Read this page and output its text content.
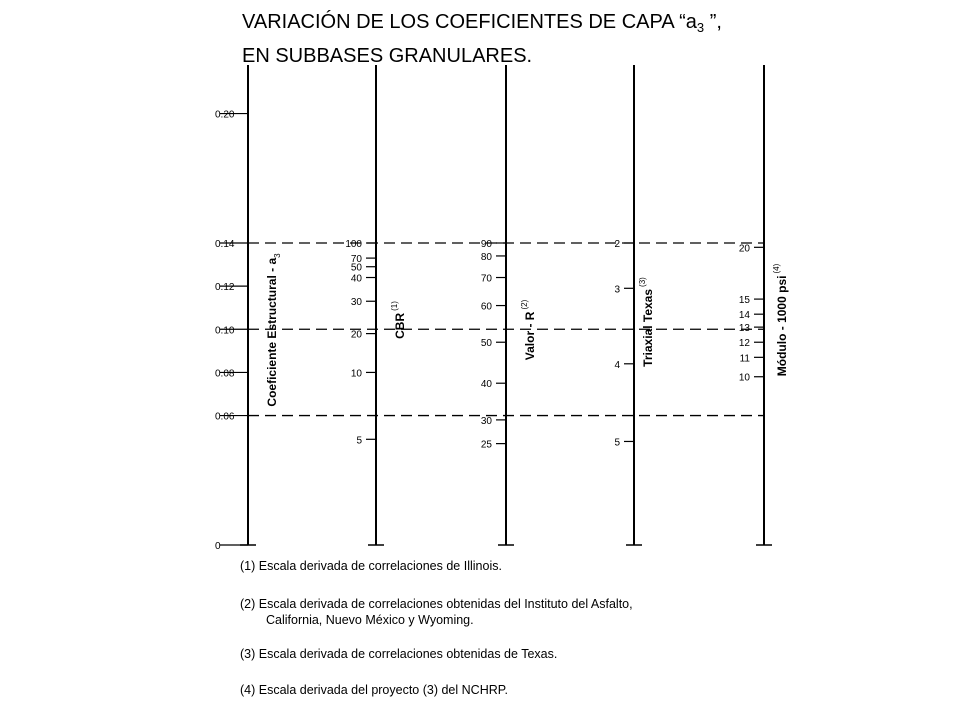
VARIACIÓN DE LOS COEFICIENTES DE CAPA “$a_3$ ”,
EN SUBBASES GRANULARES.
0.20
0.14
0.12
0.10
0.08
0.06
0
Coeficiente Estructural - $a_3$
100
70
50
40
30
20
10
5
CBR$^{(1)}$
90
80
70
60
50
40
30
25
Valor - $R^{(2)}$
2
3
4
5
Triaxial Texas$^{(3)}$
20
15
14
13
12
11
10
Módulo - 1000 psi$^{(4)}$
(1) Escala derivada de correlaciones de Illinois.
(2) Escala derivada de correlaciones obtenidas del Instituto del Asfalto,
California, Nuevo México y Wyoming.
(3) Escala derivada de correlaciones obtenidas de Texas.
(4) Escala derivada del proyecto (3) del NCHRP.
